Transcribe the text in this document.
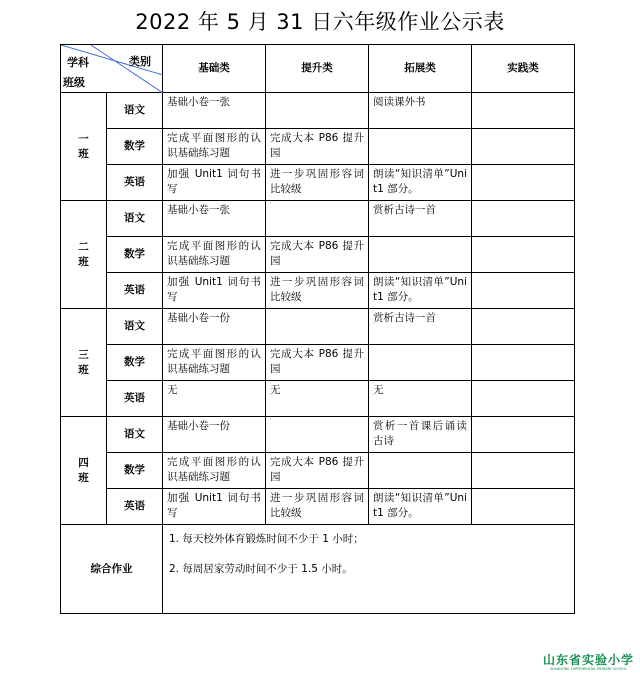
2022 年 5 月 31 日六年级作业公示表
类别
学科
班级		基础类	提升类	拓展类	实践类

一
班	语文	基础小卷一张		阅读课外书	
	数学	完成平面图形的认识基础练习题	完成大本 P86 提升园		
	英语	加强 Unit1 词句书写	进一步巩固形容词比较级	朗读“知识清单”Unit1 部分。	

二
班	语文	基础小卷一张		赏析古诗一首	
	数学	完成平面图形的认识基础练习题	完成大本 P86 提升园		
	英语	加强 Unit1 词句书写	进一步巩固形容词比较级	朗读“知识清单”Unit1 部分。	

三
班	语文	基础小卷一份		赏析古诗一首	
	数学	完成平面图形的认识基础练习题	完成大本 P86 提升园		
	英语	无	无	无	

四
班	语文	基础小卷一份		赏析一首课后诵读古诗	
	数学	完成平面图形的认识基础练习题	完成大本 P86 提升园		
	英语	加强 Unit1 词句书写	进一步巩固形容词比较级	朗读“知识清单”Unit1 部分。	
综合作业		1. 每天校外体育锻炼时间不少于 1 小时；

2. 每周居家劳动时间不少于 1.5 小时。			

山东省实验小学
SHANDONG EXPERIMENTAL PRIMARY SCHOOL
